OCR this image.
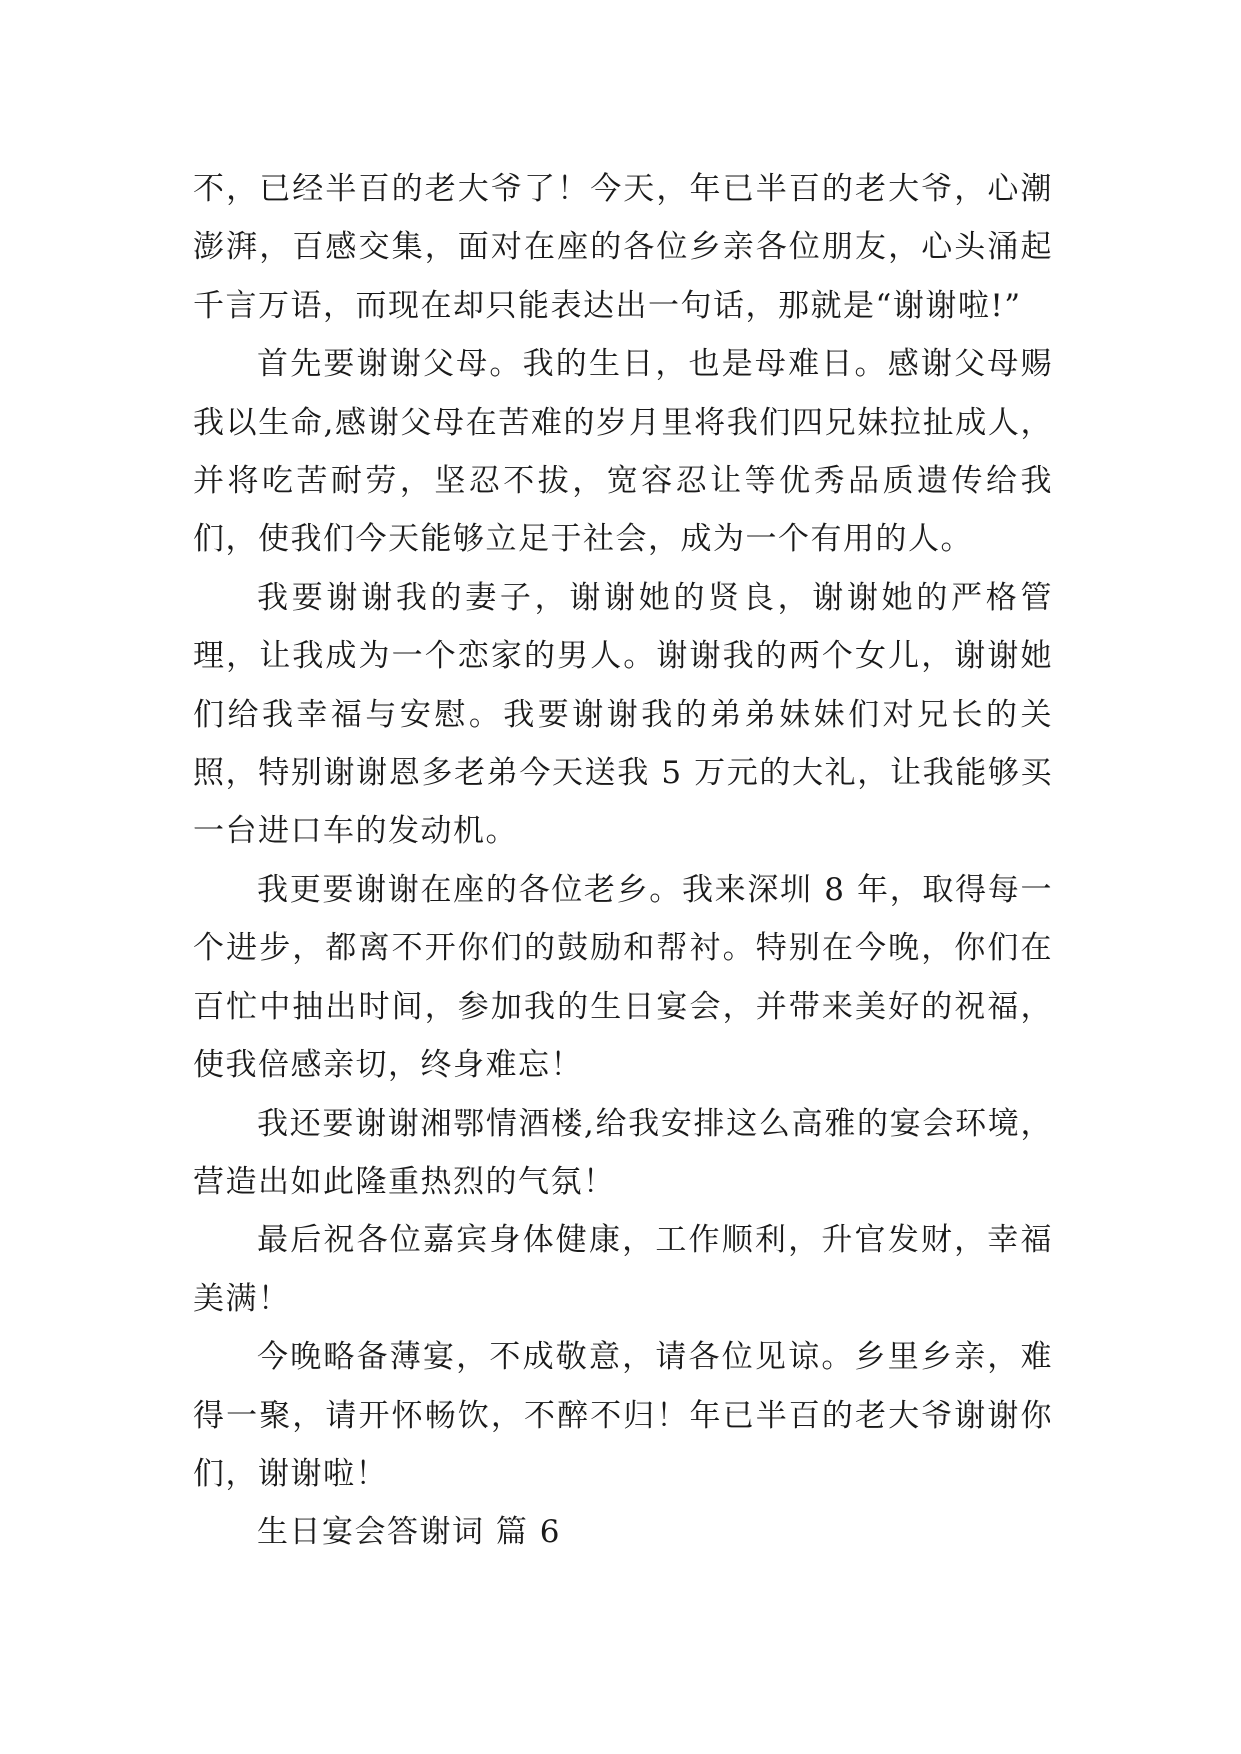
不，已经半百的老大爷了！今天，年已半百的老大爷，心潮澎湃，百感交集，面对在座的各位乡亲各位朋友，心头涌起千言万语，而现在却只能表达出一句话，那就是“谢谢啦!”

首先要谢谢父母。我的生日，也是母难日。感谢父母赐我以生命,感谢父母在苦难的岁月里将我们四兄妹拉扯成人，并将吃苦耐劳，坚忍不拔，宽容忍让等优秀品质遗传给我们，使我们今天能够立足于社会，成为一个有用的人。

我要谢谢我的妻子，谢谢她的贤良，谢谢她的严格管理，让我成为一个恋家的男人。谢谢我的两个女儿，谢谢她们给我幸福与安慰。我要谢谢我的弟弟妹妹们对兄长的关照，特别谢谢恩多老弟今天送我 5 万元的大礼，让我能够买一台进口车的发动机。

我更要谢谢在座的各位老乡。我来深圳 8 年，取得每一个进步，都离不开你们的鼓励和帮衬。特别在今晚，你们在百忙中抽出时间，参加我的生日宴会，并带来美好的祝福，使我倍感亲切，终身难忘！

我还要谢谢湘鄂情酒楼,给我安排这么高雅的宴会环境，营造出如此隆重热烈的气氛！

最后祝各位嘉宾身体健康，工作顺利，升官发财，幸福美满！

今晚略备薄宴，不成敬意，请各位见谅。乡里乡亲，难得一聚，请开怀畅饮，不醉不归！年已半百的老大爷谢谢你们，谢谢啦！

生日宴会答谢词 篇 6
